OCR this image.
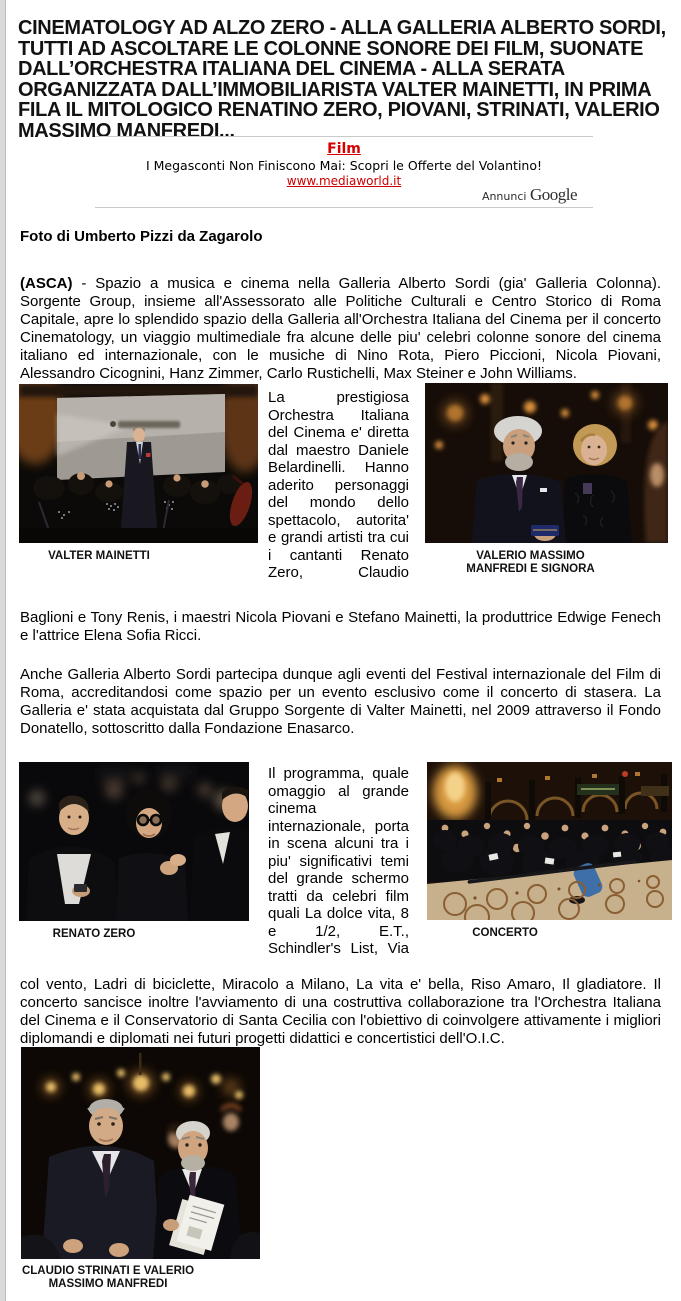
CINEMATOLOGY AD ALZO ZERO - ALLA GALLERIA ALBERTO SORDI, TUTTI AD ASCOLTARE LE COLONNE SONORE DEI FILM, SUONATE DALL’ORCHESTRA ITALIANA DEL CINEMA - ALLA SERATA ORGANIZZATA DALL’IMMOBILIARISTA VALTER MAINETTI, IN PRIMA FILA IL MITOLOGICO RENATINO ZERO, PIOVANI, STRINATI, VALERIO MASSIMO MANFREDI...
Film
I Megasconti Non Finiscono Mai: Scopri le Offerte del Volantino!
www.mediaworld.it
Annunci Google
Foto di Umberto Pizzi da Zagarolo

(ASCA) - Spazio a musica e cinema nella Galleria Alberto Sordi (gia' Galleria Colonna). Sorgente Group, insieme all'Assessorato alle Politiche Culturali e Centro Storico di Roma Capitale, apre lo splendido spazio della Galleria all'Orchestra Italiana del Cinema per il concerto Cinematology, un viaggio multimediale fra alcune delle piu' celebri colonne sonore del cinema italiano ed internazionale, con le musiche di Nino Rota, Piero Piccioni, Nicola Piovani, Alessandro Cicognini, Hanz Zimmer, Carlo Rustichelli, Max Steiner e John Williams.

VALTER MAINETTI
La prestigiosa Orchestra Italiana del Cinema e' diretta dal maestro Daniele Belardinelli. Hanno aderito personaggi del mondo dello spettacolo, autorita' e grandi artisti tra cui i cantanti Renato Zero, Claudio
VALERIO MASSIMO MANFREDI E SIGNORA

Baglioni e Tony Renis, i maestri Nicola Piovani e Stefano Mainetti, la produttrice Edwige Fenech e l'attrice Elena Sofia Ricci.

Anche Galleria Alberto Sordi partecipa dunque agli eventi del Festival internazionale del Film di Roma, accreditandosi come spazio per un evento esclusivo come il concerto di stasera. La Galleria e' stata acquistata dal Gruppo Sorgente di Valter Mainetti, nel 2009 attraverso il Fondo Donatello, sottoscritto dalla Fondazione Enasarco.

RENATO ZERO
Il programma, quale omaggio al grande cinema internazionale, porta in scena alcuni tra i piu' significativi temi del grande schermo tratti da celebri film quali La dolce vita, 8 e 1/2, E.T., Schindler's List, Via
CONCERTO

col vento, Ladri di biciclette, Miracolo a Milano, La vita e' bella, Riso Amaro, Il gladiatore. Il concerto sancisce inoltre l'avviamento di una costruttiva collaborazione tra l'Orchestra Italiana del Cinema e il Conservatorio di Santa Cecilia con l'obiettivo di coinvolgere attivamente i migliori diplomandi e diplomati nei futuri progetti didattici e concertistici dell'O.I.C.

CLAUDIO STRINATI E VALERIO MASSIMO MANFREDI
